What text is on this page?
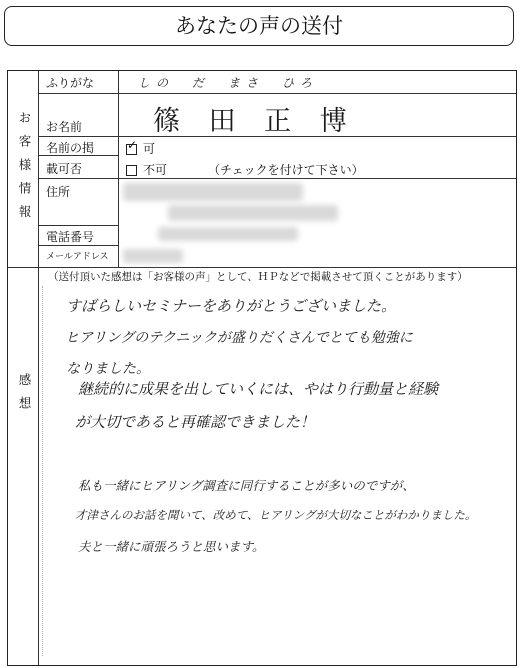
あなたの声の送付
お客様情報
感想
ふりがな
お名前
名前の掲
載可否
住所
電話番号
メールアドレス
しの　だ　まさ　ひろ
篠 田 正 博
✓ 可
不可	（チェックを付けて下さい）
（送付頂いた感想は「お客様の声」として、ＨＰなどで掲載させて頂くことがあります）
すばらしいセミナーをありがとうございました。
ヒアリングのテクニックが盛りだくさんでとても勉強に
なりました。
継続的に成果を出していくには、やはり行動量と経験
が大切であると再確認できました！
私も一緒にヒアリング調査に同行することが多いのですが、
才津さんのお話を聞いて、改めて、ヒアリングが大切なことがわかりました。
夫と一緒に頑張ろうと思います。
